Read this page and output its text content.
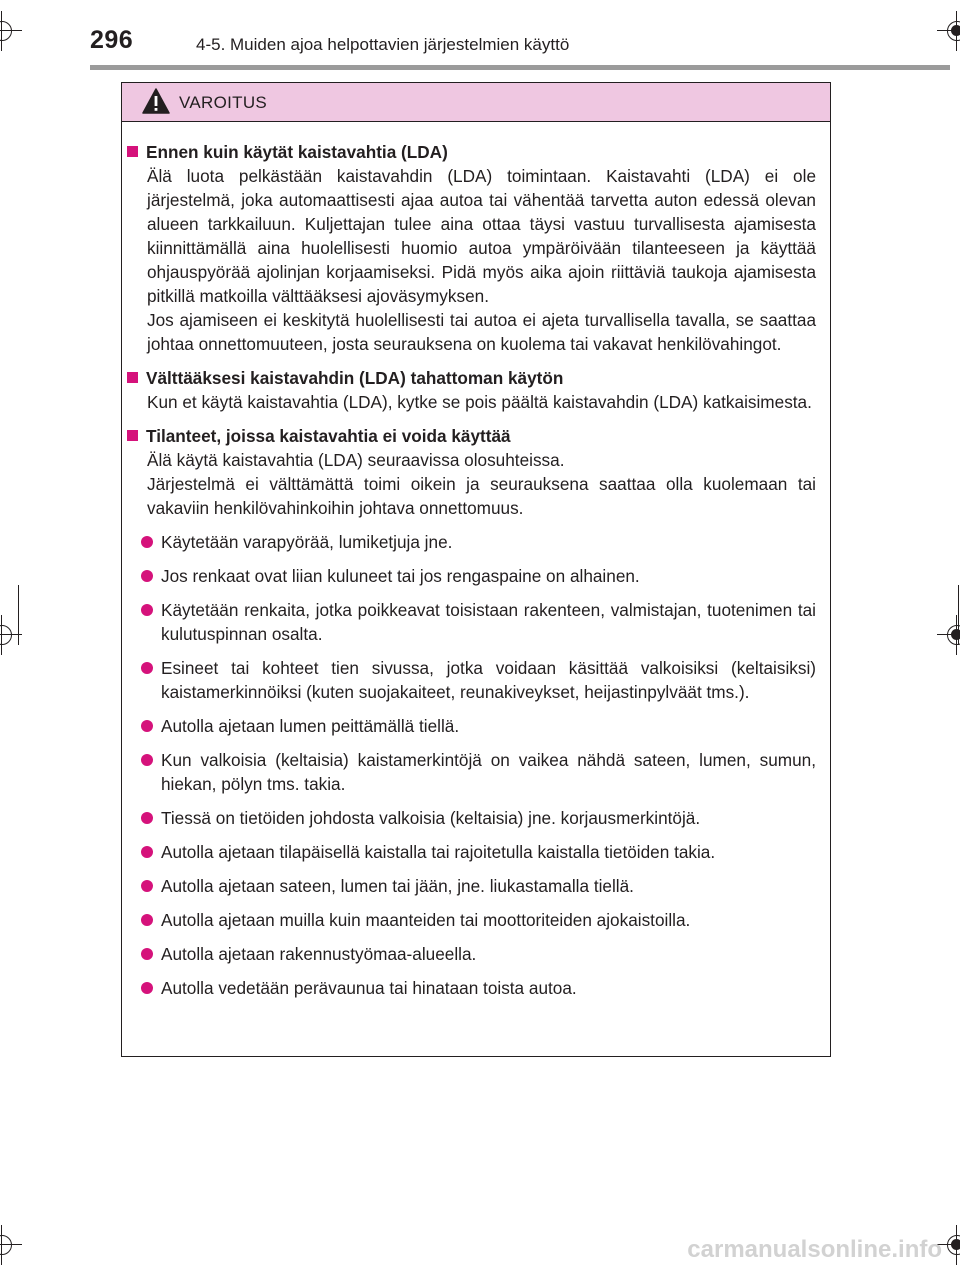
296	4-5. Muiden ajoa helpottavien järjestelmien käyttö
VAROITUS
Ennen kuin käytät kaistavahtia (LDA)
Älä luota pelkästään kaistavahdin (LDA) toimintaan. Kaistavahti (LDA) ei ole järjestelmä, joka automaattisesti ajaa autoa tai vähentää tarvetta auton edessä olevan alueen tarkkailuun. Kuljettajan tulee aina ottaa täysi vastuu turvallisesta ajamisesta kiinnittämällä aina huolellisesti huomio autoa ympäröivään tilanteeseen ja käyttää ohjauspyörää ajolinjan korjaamiseksi. Pidä myös aika ajoin riittäviä taukoja ajamisesta pitkillä matkoilla välttääksesi ajoväsymyksen.
Jos ajamiseen ei keskitytä huolellisesti tai autoa ei ajeta turvallisella tavalla, se saattaa johtaa onnettomuuteen, josta seurauksena on kuolema tai vakavat henkilövahingot.
Välttääksesi kaistavahdin (LDA) tahattoman käytön
Kun et käytä kaistavahtia (LDA), kytke se pois päältä kaistavahdin (LDA) katkaisimesta.
Tilanteet, joissa kaistavahtia ei voida käyttää
Älä käytä kaistavahtia (LDA) seuraavissa olosuhteissa.
Järjestelmä ei välttämättä toimi oikein ja seurauksena saattaa olla kuolemaan tai vakaviin henkilövahinkoihin johtava onnettomuus.
Käytetään varapyörää, lumiketjuja jne.
Jos renkaat ovat liian kuluneet tai jos rengaspaine on alhainen.
Käytetään renkaita, jotka poikkeavat toisistaan rakenteen, valmistajan, tuotenimen tai kulutuspinnan osalta.
Esineet tai kohteet tien sivussa, jotka voidaan käsittää valkoisiksi (keltaisiksi) kaistamerkinnöiksi (kuten suojakaiteet, reunakiveykset, heijastinpylväät tms.).
Autolla ajetaan lumen peittämällä tiellä.
Kun valkoisia (keltaisia) kaistamerkintöjä on vaikea nähdä sateen, lumen, sumun, hiekan, pölyn tms. takia.
Tiessä on tietöiden johdosta valkoisia (keltaisia) jne. korjausmerkintöjä.
Autolla ajetaan tilapäisellä kaistalla tai rajoitetulla kaistalla tietöiden takia.
Autolla ajetaan sateen, lumen tai jään, jne. liukastamalla tiellä.
Autolla ajetaan muilla kuin maanteiden tai moottoriteiden ajokaistoilla.
Autolla ajetaan rakennustyömaa-alueella.
Autolla vedetään perävaunua tai hinataan toista autoa.
carmanualsonline.info
